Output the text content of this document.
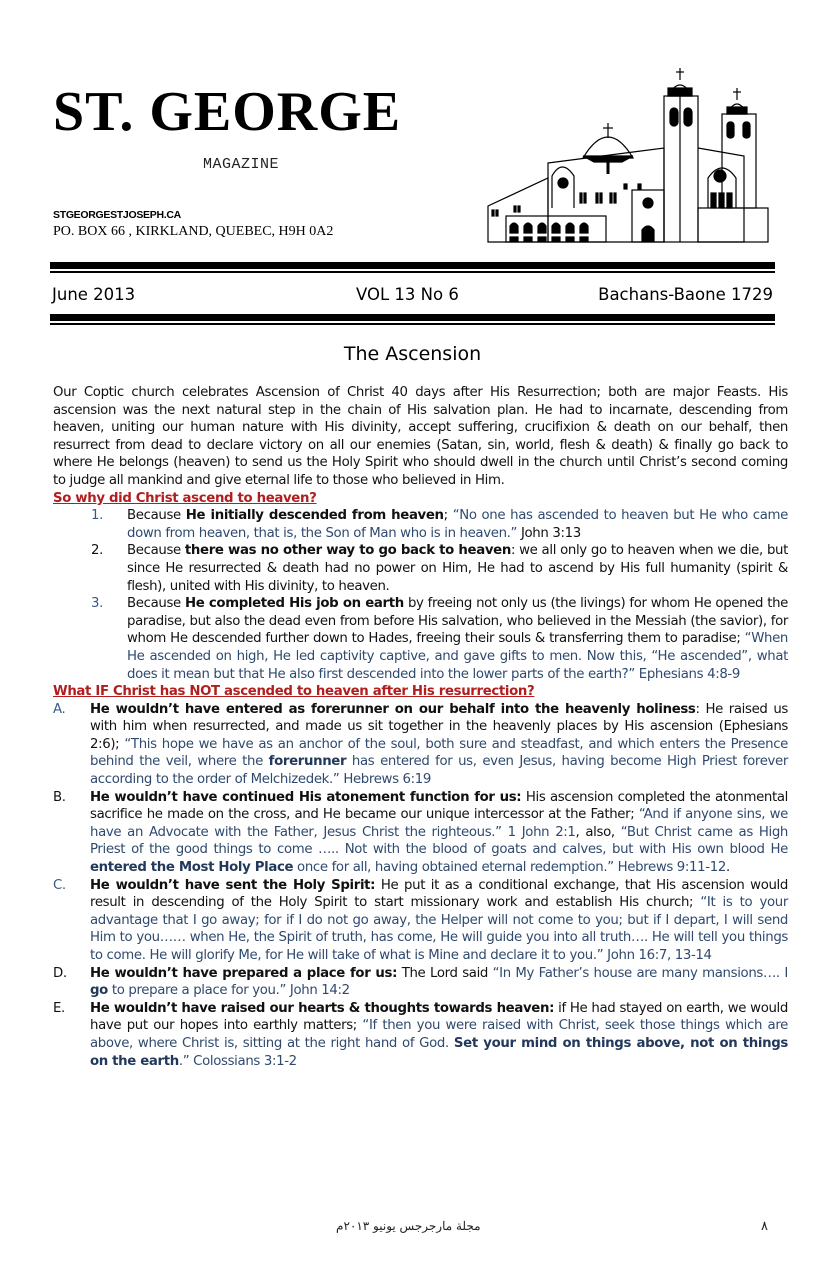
ST. GEORGE
MAGAZINE
STGEORGESTJOSEPH.CA
PO. BOX 66 , KIRKLAND, QUEBEC, H9H 0A2
June 2013	VOL 13 No 6	Bachans-Baone 1729
The Ascension

Our Coptic church celebrates Ascension of Christ 40 days after His Resurrection; both are major Feasts. His ascension was the next natural step in the chain of His salvation plan. He had to incarnate, descending from heaven, uniting our human nature with His divinity, accept suffering, crucifixion & death on our behalf, then resurrect from dead to declare victory on all our enemies (Satan, sin, world, flesh & death) & finally go back to where He belongs (heaven) to send us the Holy Spirit who should dwell in the church until Christ’s second coming to judge all mankind and give eternal life to those who believed in Him.

So why did Christ ascend to heaven?

1. Because He initially descended from heaven; “No one has ascended to heaven but He who came down from heaven, that is, the Son of Man who is in heaven.” John 3:13
2. Because there was no other way to go back to heaven: we all only go to heaven when we die, but since He resurrected & death had no power on Him, He had to ascend by His full humanity (spirit & flesh), united with His divinity, to heaven.
3. Because He completed His job on earth by freeing not only us (the livings) for whom He opened the paradise, but also the dead even from before His salvation, who believed in the Messiah (the savior), for whom He descended further down to Hades, freeing their souls & transferring them to paradise; “When He ascended on high, He led captivity captive, and gave gifts to men. Now this, “He ascended”, what does it mean but that He also first descended into the lower parts of the earth?” Ephesians 4:8-9

What IF Christ has NOT ascended to heaven after His resurrection?

A. He wouldn’t have entered as forerunner on our behalf into the heavenly holiness: He raised us with him when resurrected, and made us sit together in the heavenly places by His ascension (Ephesians 2:6); “This hope we have as an anchor of the soul, both sure and steadfast, and which enters the Presence behind the veil, where the forerunner has entered for us, even Jesus, having become High Priest forever according to the order of Melchizedek.” Hebrews 6:19
B. He wouldn’t have continued His atonement function for us: His ascension completed the atonmental sacrifice he made on the cross, and He became our unique intercessor at the Father; “And if anyone sins, we have an Advocate with the Father, Jesus Christ the righteous.” 1 John 2:1, also, “But Christ came as High Priest of the good things to come ….. Not with the blood of goats and calves, but with His own blood He entered the Most Holy Place once for all, having obtained eternal redemption.” Hebrews 9:11-12.
C. He wouldn’t have sent the Holy Spirit: He put it as a conditional exchange, that His ascension would result in descending of the Holy Spirit to start missionary work and establish His church; “It is to your advantage that I go away; for if I do not go away, the Helper will not come to you; but if I depart, I will send Him to you…… when He, the Spirit of truth, has come, He will guide you into all truth…. He will tell you things to come. He will glorify Me, for He will take of what is Mine and declare it to you.” John 16:7, 13-14
D. He wouldn’t have prepared a place for us: The Lord said “In My Father’s house are many mansions…. I go to prepare a place for you.” John 14:2
E. He wouldn’t have raised our hearts & thoughts towards heaven: if He had stayed on earth, we would have put our hopes into earthly matters; “If then you were raised with Christ, seek those things which are above, where Christ is, sitting at the right hand of God. Set your mind on things above, not on things on the earth.” Colossians 3:1-2
مجلة مارجرجس يونيو ٢٠١٣م	٨
